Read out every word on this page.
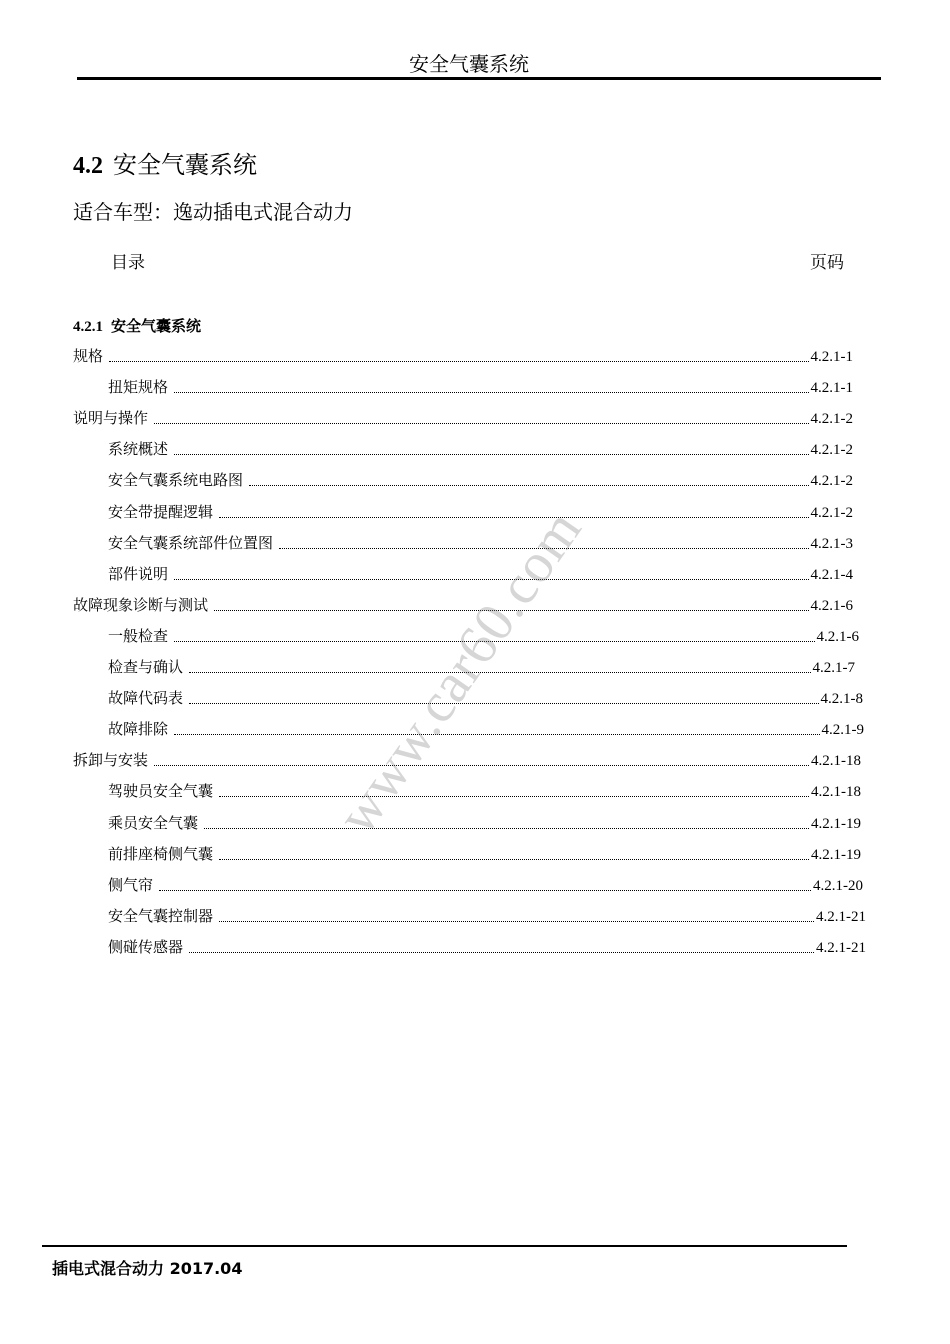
安全气囊系统
4.2 安全气囊系统
适合车型：逸动插电式混合动力
目录	页码
4.2.1 安全气囊系统
规格	4.2.1-1
扭矩规格	4.2.1-1
说明与操作	4.2.1-2
系统概述	4.2.1-2
安全气囊系统电路图	4.2.1-2
安全带提醒逻辑	4.2.1-2
安全气囊系统部件位置图	4.2.1-3
部件说明	4.2.1-4
故障现象诊断与测试	4.2.1-6
一般检查	4.2.1-6
检查与确认	4.2.1-7
故障代码表	4.2.1-8
故障排除	4.2.1-9
拆卸与安装	4.2.1-18
驾驶员安全气囊	4.2.1-18
乘员安全气囊	4.2.1-19
前排座椅侧气囊	4.2.1-19
侧气帘	4.2.1-20
安全气囊控制器	4.2.1-21
侧碰传感器	4.2.1-21
www.car60.com
插电式混合动力 2017.04
